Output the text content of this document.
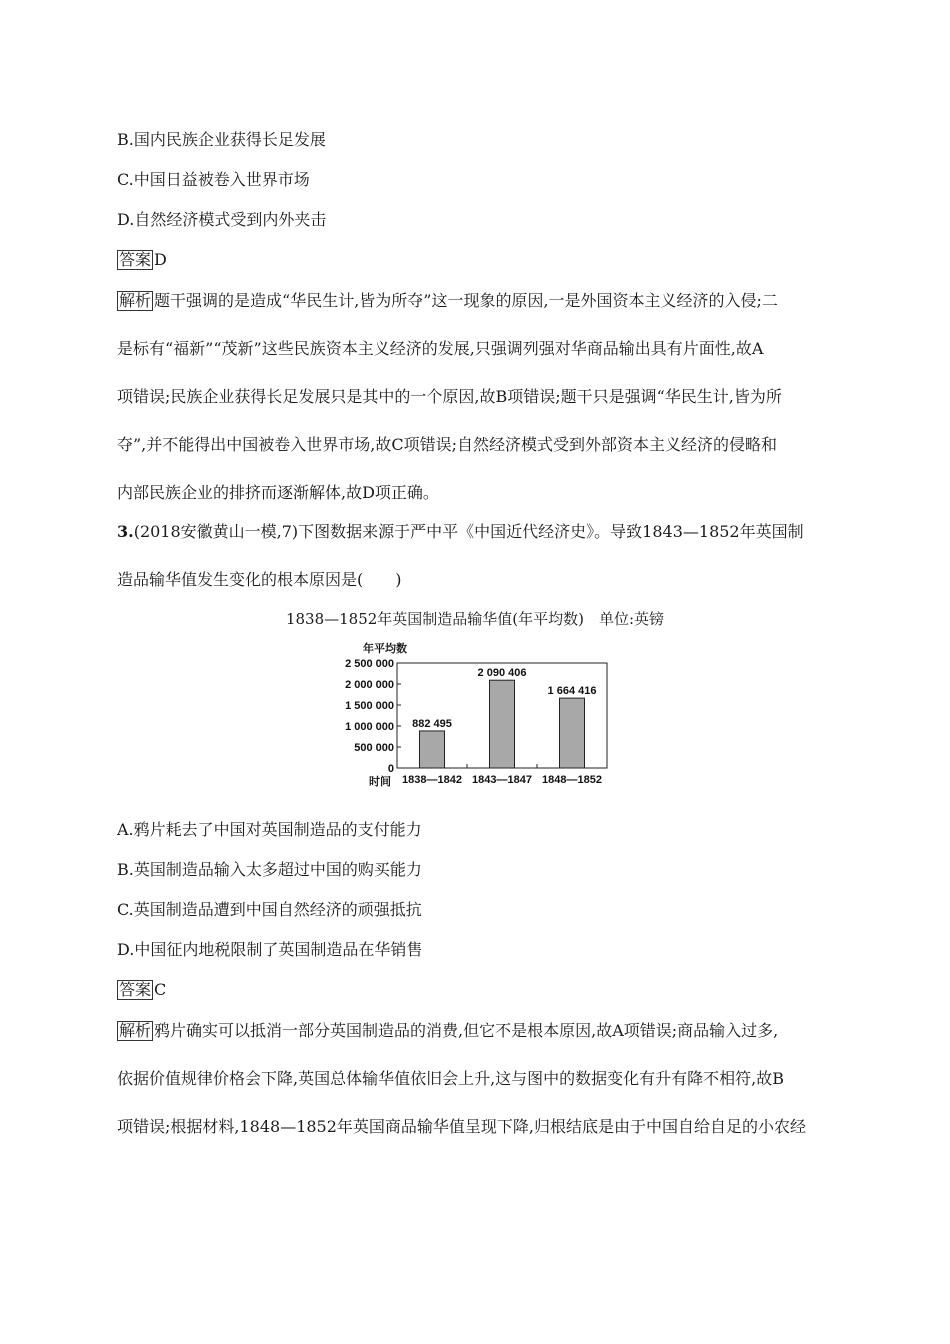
B.国内民族企业获得长足发展
C.中国日益被卷入世界市场
D.自然经济模式受到内外夹击
答案 D
解析 题干强调的是造成“华民生计,皆为所夺”这一现象的原因,一是外国资本主义经济的入侵;二
是标有“福新”“茂新”这些民族资本主义经济的发展,只强调列强对华商品输出具有片面性,故A
项错误;民族企业获得长足发展只是其中的一个原因,故B项错误;题干只是强调“华民生计,皆为所
夺”,并不能得出中国被卷入世界市场,故C项错误;自然经济模式受到外部资本主义经济的侵略和
内部民族企业的排挤而逐渐解体,故D项正确。
3.(2018安徽黄山一模,7)下图数据来源于严中平《中国近代经济史》。导致1843—1852年英国制
造品输华值发生变化的根本原因是(　　)
1838—1852年英国制造品输华值(年平均数)　单位:英镑
0
500 000
1 000 000
1 500 000
2 000 000
2 500 000
年平均数
882 495
1838—1842
2 090 406
1843—1847
1 664 416
1848—1852
时间
A.鸦片耗去了中国对英国制造品的支付能力
B.英国制造品输入太多超过中国的购买能力
C.英国制造品遭到中国自然经济的顽强抵抗
D.中国征内地税限制了英国制造品在华销售
答案 C
解析 鸦片确实可以抵消一部分英国制造品的消费,但它不是根本原因,故A项错误;商品输入过多,
依据价值规律价格会下降,英国总体输华值依旧会上升,这与图中的数据变化有升有降不相符,故B
项错误;根据材料,1848—1852年英国商品输华值呈现下降,归根结底是由于中国自给自足的小农经
